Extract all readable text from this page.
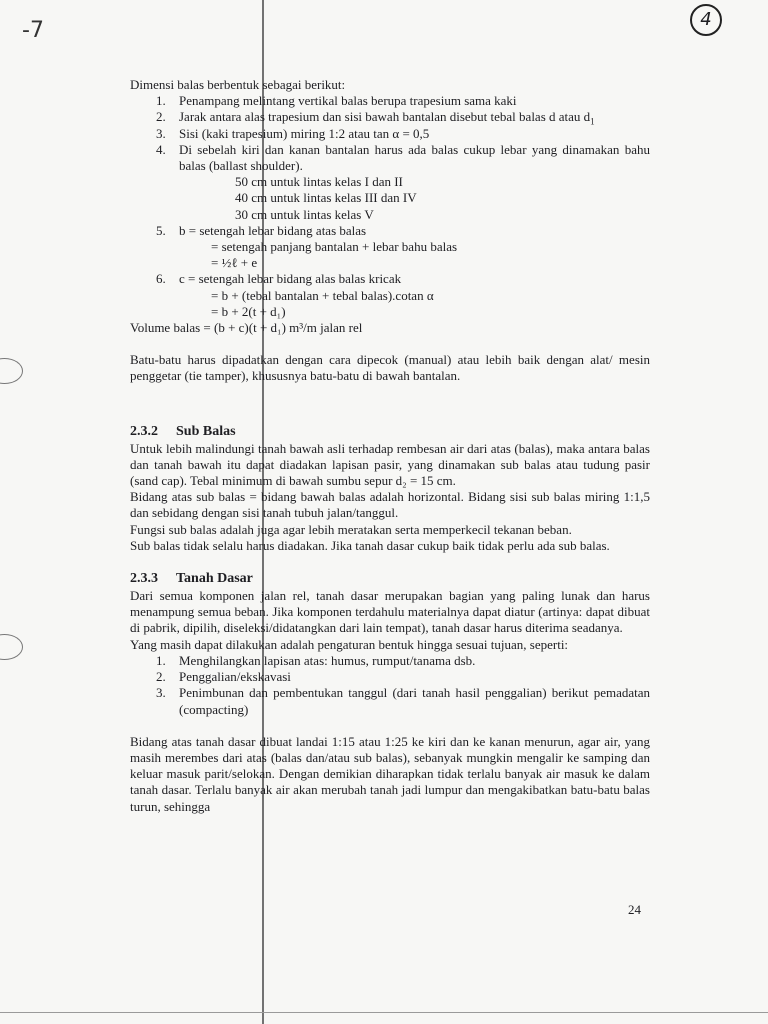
-7	4

Dimensi balas berbentuk sebagai berikut:

1. Penampang melintang vertikal balas berupa trapesium sama kaki
2. Jarak antara alas trapesium dan sisi bawah bantalan disebut tebal balas d atau $d_1$
3. Sisi (kaki trapesium) miring 1:2 atau tan α = 0,5
4. Di sebelah kiri dan kanan bantalan harus ada balas cukup lebar yang dinamakan bahu balas (ballast shoulder).
50 cm untuk lintas kelas I dan II
40 cm untuk lintas kelas III dan IV
30 cm untuk lintas kelas V
5. b = setengah lebar bidang atas balas
= setengah panjang bantalan + lebar bahu balas
= ½ℓ + e
6. c = setengah lebar bidang alas balas kricak
= b + (tebal bantalan + tebal balas).cotan α
= b + 2(t + d₁)

Volume balas = (b + c)(t + d₁) m³/m jalan rel

Batu-batu harus dipadatkan dengan cara dipecok (manual) atau lebih baik dengan alat/ mesin penggetar (tie tamper), khususnya batu-batu di bawah bantalan.

2.3.2 Sub Balas

Untuk lebih malindungi tanah bawah asli terhadap rembesan air dari atas (balas), maka antara balas dan tanah bawah itu dapat diadakan lapisan pasir, yang dinamakan sub balas atau tudung pasir (sand cap). Tebal minimum di bawah sumbu sepur d₂ = 15 cm.

Bidang atas sub balas = bidang bawah balas adalah horizontal. Bidang sisi sub balas miring 1:1,5 dan sebidang dengan sisi tanah tubuh jalan/tanggul.

Fungsi sub balas adalah juga agar lebih meratakan serta memperkecil tekanan beban.

Sub balas tidak selalu harus diadakan. Jika tanah dasar cukup baik tidak perlu ada sub balas.

2.3.3 Tanah Dasar

Dari semua komponen jalan rel, tanah dasar merupakan bagian yang paling lunak dan harus menampung semua beban. Jika komponen terdahulu materialnya dapat diatur (artinya: dapat dibuat di pabrik, dipilih, diseleksi/didatangkan dari lain tempat), tanah dasar harus diterima seadanya.

Yang masih dapat dilakukan adalah pengaturan bentuk hingga sesuai tujuan, seperti:

1. Menghilangkan lapisan atas: humus, rumput/tanama dsb.
2. Penggalian/ekskavasi
3. Penimbunan dan pembentukan tanggul (dari tanah hasil penggalian) berikut pemadatan (compacting)

Bidang atas tanah dasar dibuat landai 1:15 atau 1:25 ke kiri dan ke kanan menurun, agar air, yang masih merembes dari atas (balas dan/atau sub balas), sebanyak mungkin mengalir ke samping dan keluar masuk parit/selokan. Dengan demikian diharapkan tidak terlalu banyak air masuk ke dalam tanah dasar. Terlalu banyak air akan merubah tanah jadi lumpur dan mengakibatkan batu-batu balas turun, sehingga

24
